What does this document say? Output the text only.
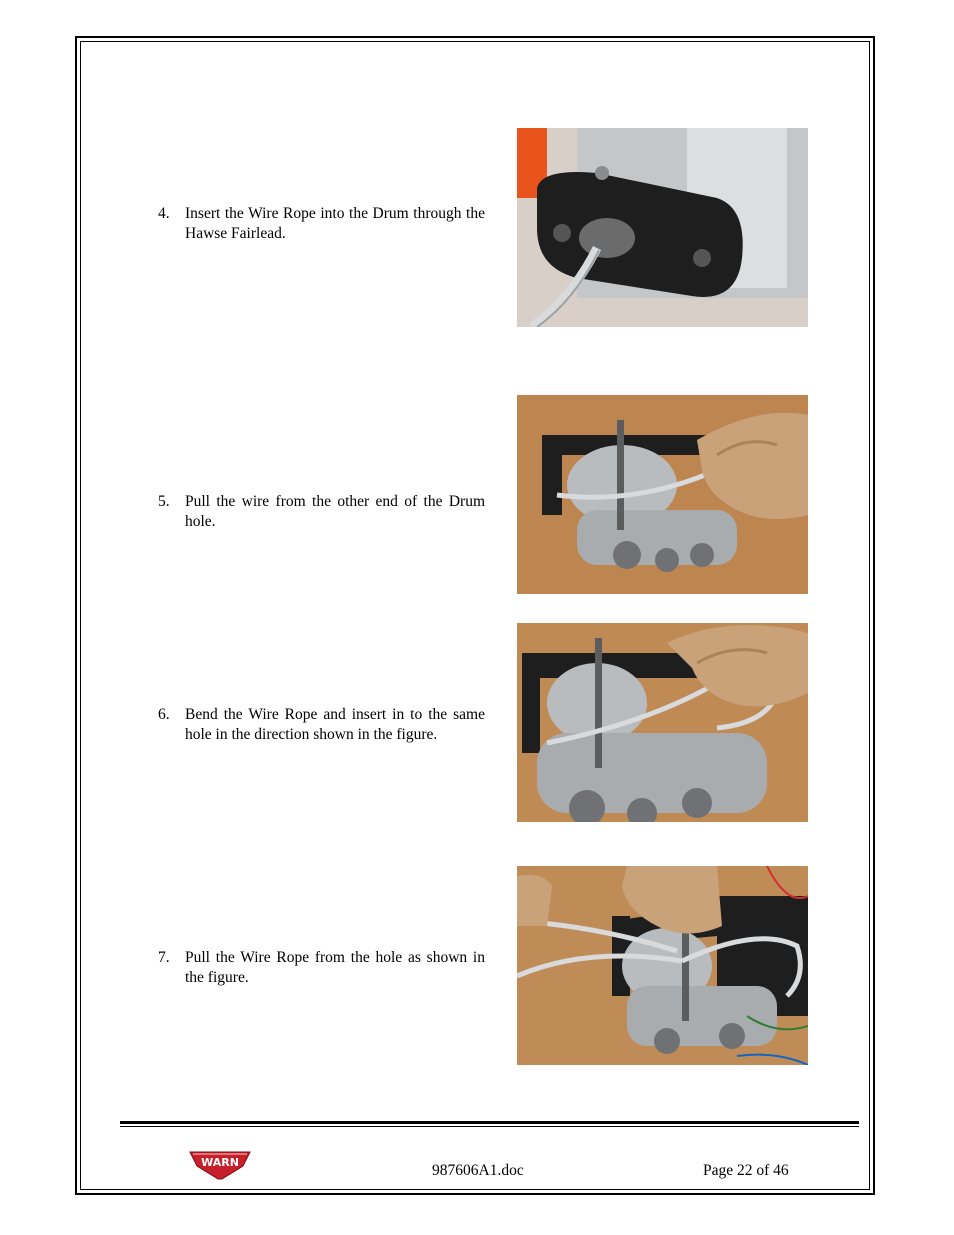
4. Insert the Wire Rope into the Drum through the Hawse Fairlead.
5. Pull the wire from the other end of the Drum hole.
6. Bend the Wire Rope and insert in to the same hole in the direction shown in the figure.
7. Pull the Wire Rope from the hole as shown in the figure.
WARN	987606A1.doc	Page 22 of 46
